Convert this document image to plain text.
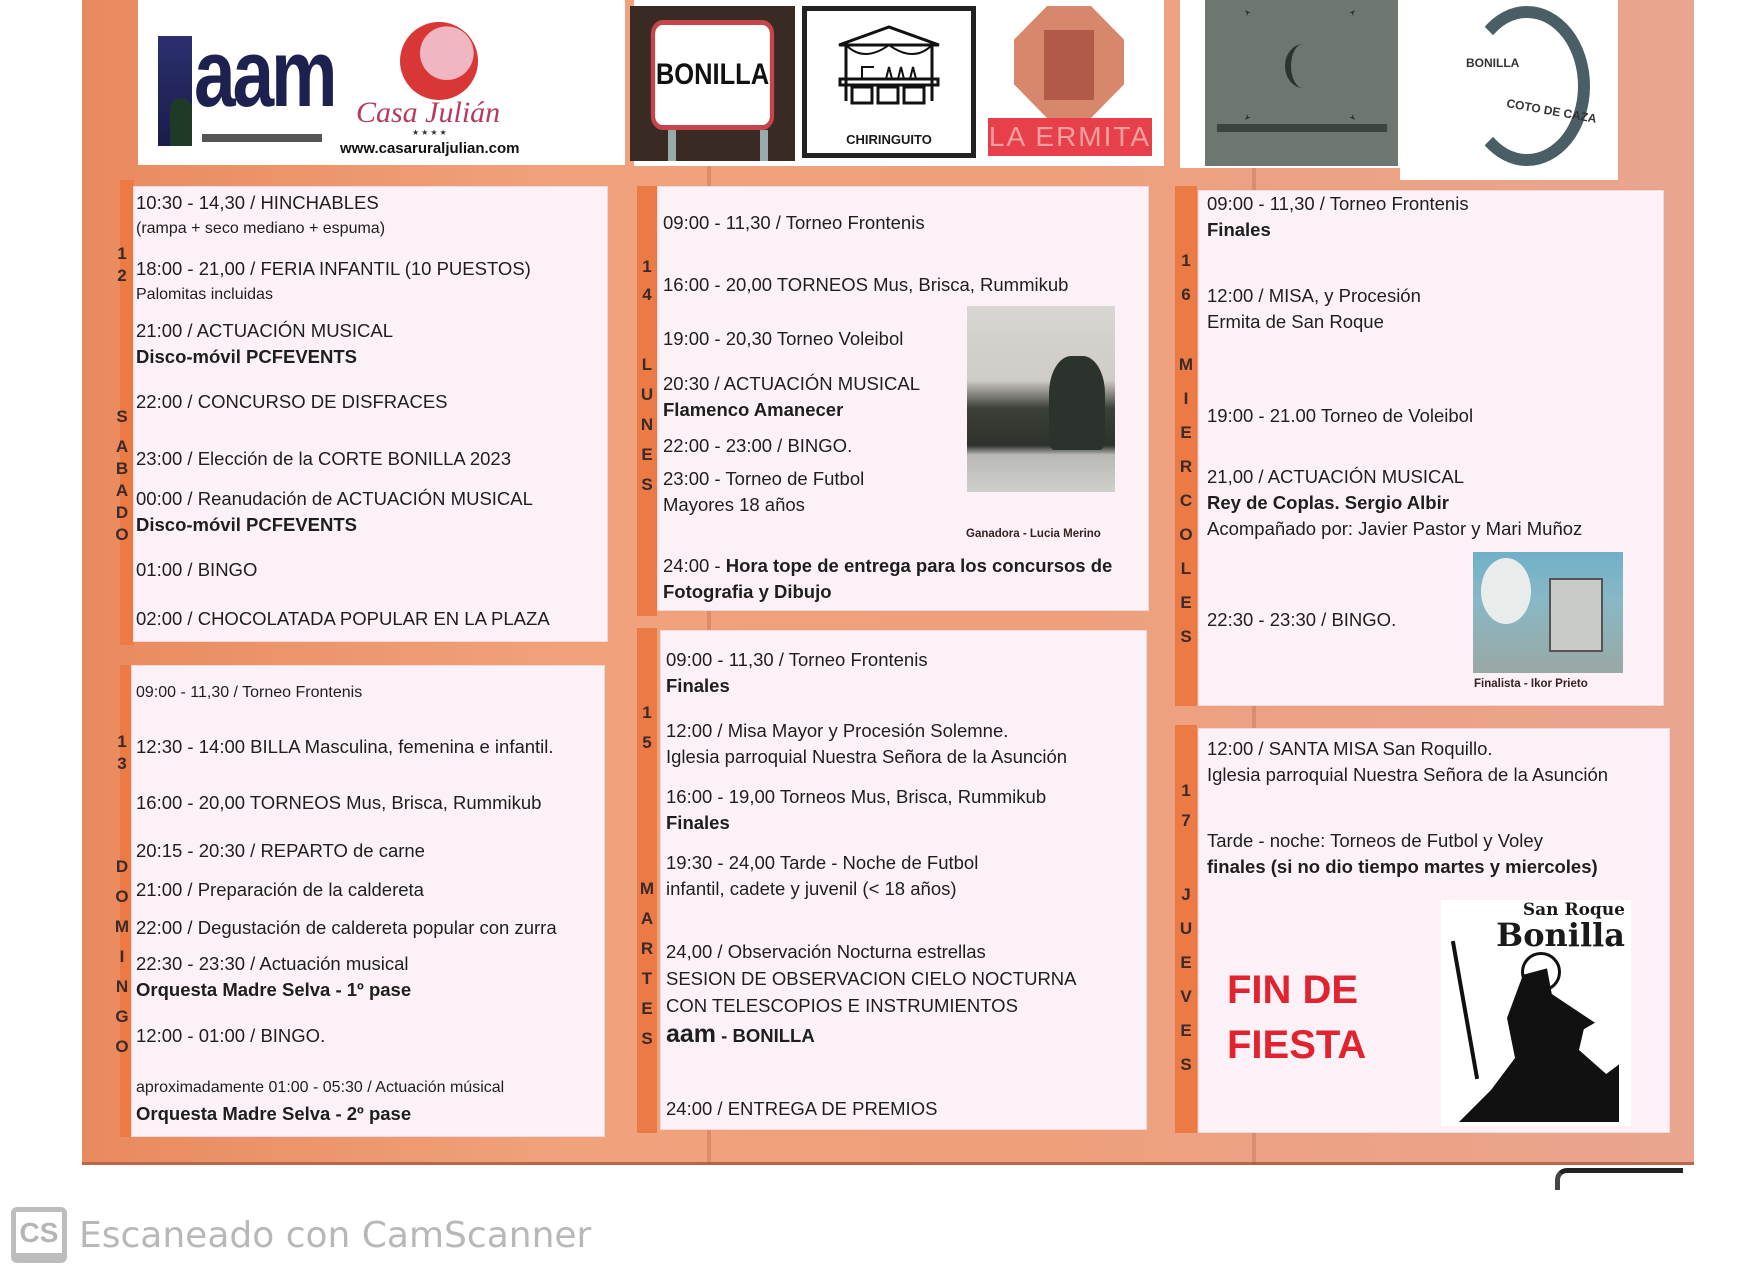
aam Casa Julián
★★★★
www.casaruraljulian.com
BONILLA
CHIRINGUITO	LA ERMITA
BONILLA
COTO DE CAZA
1
2
S
A
B
A
D
O
10:30 - 14,30 / HINCHABLES
(rampa + seco mediano + espuma)
18:00 - 21,00 / FERIA INFANTIL (10 PUESTOS)
Palomitas incluidas
21:00 / ACTUACIÓN MUSICAL
Disco-móvil PCFEVENTS
22:00 / CONCURSO DE DISFRACES
23:00 / Elección de la CORTE BONILLA 2023
00:00 / Reanudación de ACTUACIÓN MUSICAL
Disco-móvil PCFEVENTS
01:00 / BINGO
02:00 / CHOCOLATADA POPULAR EN LA PLAZA
1
3
D
O
M
I
N
G
O
09:00 - 11,30 / Torneo Frontenis
12:30 - 14:00 BILLA Masculina, femenina e infantil.
16:00 - 20,00 TORNEOS Mus, Brisca, Rummikub
20:15 - 20:30 / REPARTO de carne
21:00 / Preparación de la caldereta
22:00 / Degustación de caldereta popular con zurra
22:30 - 23:30 / Actuación musical
Orquesta Madre Selva - 1º pase
12:00 - 01:00 / BINGO.
aproximadamente 01:00 - 05:30 / Actuación músical
Orquesta Madre Selva - 2º pase
1
4
L
U
N
E
S
09:00 - 11,30 / Torneo Frontenis
16:00 - 20,00 TORNEOS Mus, Brisca, Rummikub
19:00 - 20,30 Torneo Voleibol
20:30 / ACTUACIÓN MUSICAL
Flamenco Amanecer
22:00 - 23:00 / BINGO.
23:00 - Torneo de Futbol
Mayores 18 años
24:00 - Hora tope de entrega para los concursos de
Fotografia y Dibujo
Ganadora - Lucia Merino
1
5
M
A
R
T
E
S
09:00 - 11,30 / Torneo Frontenis
Finales
12:00 / Misa Mayor y Procesión Solemne.
Iglesia parroquial Nuestra Señora de la Asunción
16:00 - 19,00 Torneos Mus, Brisca, Rummikub
Finales
19:30 - 24,00 Tarde - Noche de Futbol
infantil, cadete y juvenil (< 18 años)
24,00 / Observación Nocturna estrellas
SESION DE OBSERVACION CIELO NOCTURNA
CON TELESCOPIOS E INSTRUMIENTOS
aam - BONILLA
24:00 / ENTREGA DE PREMIOS
1
6
M
I
E
R
C
O
L
E
S
09:00 - 11,30 / Torneo Frontenis
Finales
12:00 / MISA, y Procesión
Ermita de San Roque
19:00 - 21.00 Torneo de Voleibol
21,00 / ACTUACIÓN MUSICAL
Rey de Coplas. Sergio Albir
Acompañado por: Javier Pastor y Mari Muñoz
22:30 - 23:30 / BINGO.
Finalista - Ikor Prieto
1
7
J
U
E
V
E
S
12:00 / SANTA MISA San Roquillo.
Iglesia parroquial Nuestra Señora de la Asunción
Tarde - noche: Torneos de Futbol y Voley
finales (si no dio tiempo martes y miercoles)
FIN DE
FIESTA
San Roque
Bonilla
CS Escaneado con CamScanner
